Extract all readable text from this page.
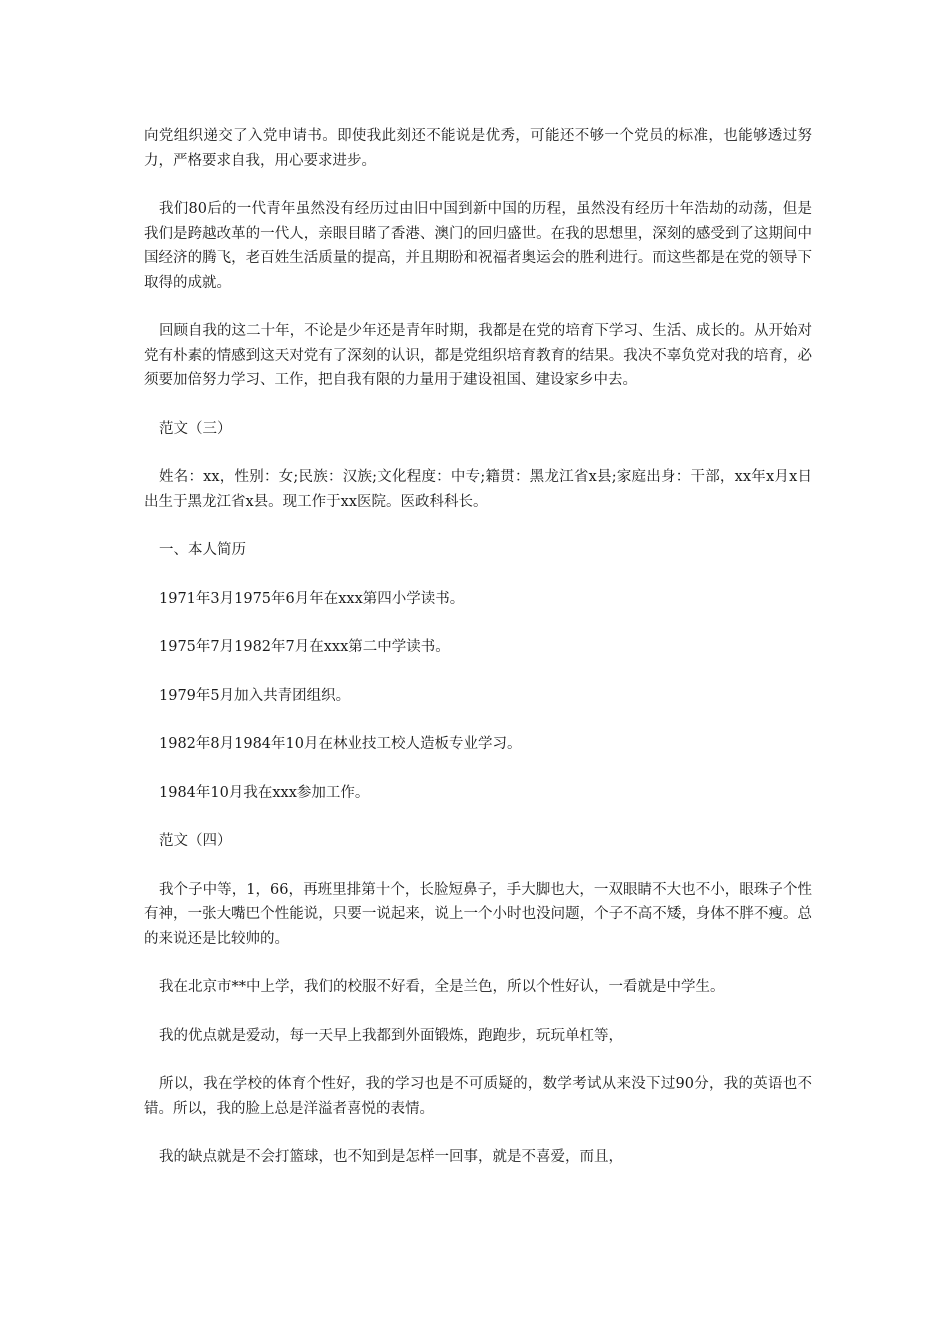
向党组织递交了入党申请书。即使我此刻还不能说是优秀，可能还不够一个党员的标准，也能够透过努力，严格要求自我，用心要求进步。

我们80后的一代青年虽然没有经历过由旧中国到新中国的历程，虽然没有经历十年浩劫的动荡，但是我们是跨越改革的一代人，亲眼目睹了香港、澳门的回归盛世。在我的思想里，深刻的感受到了这期间中国经济的腾飞，老百姓生活质量的提高，并且期盼和祝福者奥运会的胜利进行。而这些都是在党的领导下取得的成就。

回顾自我的这二十年，不论是少年还是青年时期，我都是在党的培育下学习、生活、成长的。从开始对党有朴素的情感到这天对党有了深刻的认识，都是党组织培育教育的结果。我决不辜负党对我的培育，必须要加倍努力学习、工作，把自我有限的力量用于建设祖国、建设家乡中去。

范文（三）

姓名：xx，性别：女;民族：汉族;文化程度：中专;籍贯：黑龙江省x县;家庭出身：干部，xx年x月x日出生于黑龙江省x县。现工作于xx医院。医政科科长。

一、本人简历

1971年3月1975年6月年在xxx第四小学读书。

1975年7月1982年7月在xxx第二中学读书。

1979年5月加入共青团组织。

1982年8月1984年10月在林业技工校人造板专业学习。

1984年10月我在xxx参加工作。

范文（四）

我个子中等，1，66，再班里排第十个，长脸短鼻子，手大脚也大，一双眼睛不大也不小，眼珠子个性有神，一张大嘴巴个性能说，只要一说起来，说上一个小时也没问题，个子不高不矮，身体不胖不瘦。总的来说还是比较帅的。

我在北京市**中上学，我们的校服不好看，全是兰色，所以个性好认，一看就是中学生。

我的优点就是爱动，每一天早上我都到外面锻炼，跑跑步，玩玩单杠等，

所以，我在学校的体育个性好，我的学习也是不可质疑的，数学考试从来没下过90分，我的英语也不错。所以，我的脸上总是洋溢者喜悦的表情。

我的缺点就是不会打篮球，也不知到是怎样一回事，就是不喜爱，而且，
